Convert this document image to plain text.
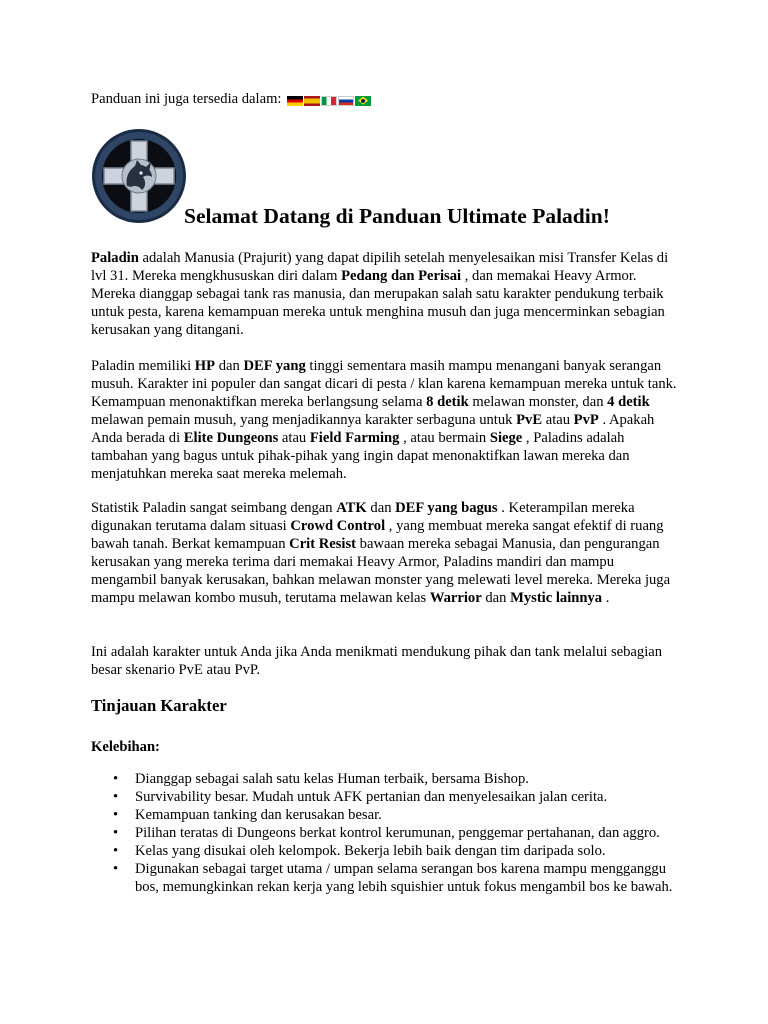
Panduan ini juga tersedia dalam:
Selamat Datang di Panduan Ultimate Paladin!

Paladin adalah Manusia (Prajurit) yang dapat dipilih setelah menyelesaikan misi Transfer Kelas di lvl 31. Mereka mengkhususkan diri dalam Pedang dan Perisai , dan memakai Heavy Armor. Mereka dianggap sebagai tank ras manusia, dan merupakan salah satu karakter pendukung terbaik untuk pesta, karena kemampuan mereka untuk menghina musuh dan juga mencerminkan sebagian kerusakan yang ditangani.

Paladin memiliki HP dan DEF yang tinggi sementara masih mampu menangani banyak serangan musuh. Karakter ini populer dan sangat dicari di pesta / klan karena kemampuan mereka untuk tank. Kemampuan menonaktifkan mereka berlangsung selama 8 detik melawan monster, dan 4 detik melawan pemain musuh, yang menjadikannya karakter serbaguna untuk PvE atau PvP . Apakah Anda berada di Elite Dungeons atau Field Farming , atau bermain Siege , Paladins adalah tambahan yang bagus untuk pihak-pihak yang ingin dapat menonaktifkan lawan mereka dan menjatuhkan mereka saat mereka melemah.

Statistik Paladin sangat seimbang dengan ATK dan DEF yang bagus . Keterampilan mereka digunakan terutama dalam situasi Crowd Control , yang membuat mereka sangat efektif di ruang bawah tanah. Berkat kemampuan Crit Resist bawaan mereka sebagai Manusia, dan pengurangan kerusakan yang mereka terima dari memakai Heavy Armor, Paladins mandiri dan mampu mengambil banyak kerusakan, bahkan melawan monster yang melewati level mereka. Mereka juga mampu melawan kombo musuh, terutama melawan kelas Warrior dan Mystic lainnya .

Ini adalah karakter untuk Anda jika Anda menikmati mendukung pihak dan tank melalui sebagian besar skenario PvE atau PvP.

Tinjauan Karakter
Kelebihan:
• Dianggap sebagai salah satu kelas Human terbaik, bersama Bishop.
• Survivability besar. Mudah untuk AFK pertanian dan menyelesaikan jalan cerita.
• Kemampuan tanking dan kerusakan besar.
• Pilihan teratas di Dungeons berkat kontrol kerumunan, penggemar pertahanan, dan aggro.
• Kelas yang disukai oleh kelompok. Bekerja lebih baik dengan tim daripada solo.
• Digunakan sebagai target utama / umpan selama serangan bos karena mampu mengganggu bos, memungkinkan rekan kerja yang lebih squishier untuk fokus mengambil bos ke bawah.
